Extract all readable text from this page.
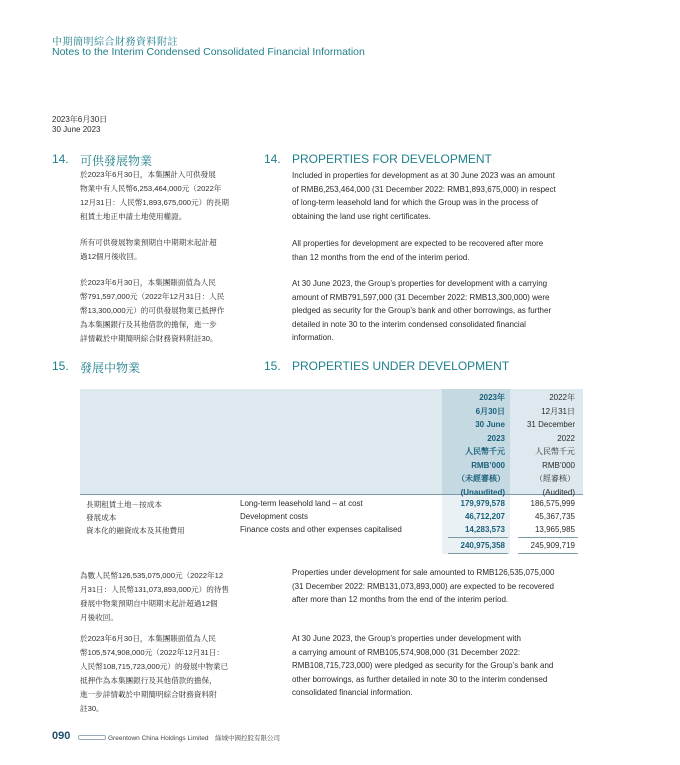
中期簡明綜合財務資料附註
Notes to the Interim Condensed Consolidated Financial Information
2023年6月30日
30 June 2023
14. 可供發展物業	14. PROPERTIES FOR DEVELOPMENT
於2023年6月30日，本集團計入可供發展
物業中有人民幣6,253,464,000元（2022年
12月31日：人民幣1,893,675,000元）的長期
租賃土地正申請土地使用權證。
所有可供發展物業預期自中期期末起計超
過12個月後收回。
於2023年6月30日，本集團賬面值為人民
幣791,597,000元（2022年12月31日：人民
幣13,300,000元）的可供發展物業已抵押作
為本集團銀行及其他借款的擔保，進一步
詳情載於中期簡明綜合財務資料附註30。
Included in properties for development as at 30 June 2023 was an amount
of RMB6,253,464,000 (31 December 2022: RMB1,893,675,000) in respect
of long-term leasehold land for which the Group was in the process of
obtaining the land use right certificates.
All properties for development are expected to be recovered after more
than 12 months from the end of the interim period.
At 30 June 2023, the Group’s properties for development with a carrying
amount of RMB791,597,000 (31 December 2022: RMB13,300,000) were
pledged as security for the Group’s bank and other borrowings, as further
detailed in note 30 to the interim condensed consolidated financial
information.
15. 發展中物業	15. PROPERTIES UNDER DEVELOPMENT
2023年
6月30日
30 June
2023
人民幣千元
RMB’000
（未經審核）
(Unaudited)
2022年
12月31日
31 December
2022
人民幣千元
RMB’000
（經審核）
(Audited)
長期租賃土地－按成本	Long-term leasehold land – at cost	179,979,578	186,575,999
發展成本	Development costs	46,712,207	45,367,735
資本化的融資成本及其他費用	Finance costs and other expenses capitalised	14,283,573	13,965,985
240,975,358	245,909,719
為數人民幣126,535,075,000元（2022年12
月31日：人民幣131,073,893,000元）的待售
發展中物業預期自中期期末起計超過12個
月後收回。
於2023年6月30日，本集團賬面值為人民
幣105,574,908,000元（2022年12月31日：
人民幣108,715,723,000元）的發展中物業已
抵押作為本集團銀行及其他借款的擔保，
進一步詳情載於中期簡明綜合財務資料附
註30。
Properties under development for sale amounted to RMB126,535,075,000
(31 December 2022: RMB131,073,893,000) are expected to be recovered
after more than 12 months from the end of the interim period.
At 30 June 2023, the Group’s properties under development with
a carrying amount of RMB105,574,908,000 (31 December 2022:
RMB108,715,723,000) were pledged as security for the Group’s bank and
other borrowings, as further detailed in note 30 to the interim condensed
consolidated financial information.
090	Greentown China Holdings Limited　綠城中國控股有限公司
